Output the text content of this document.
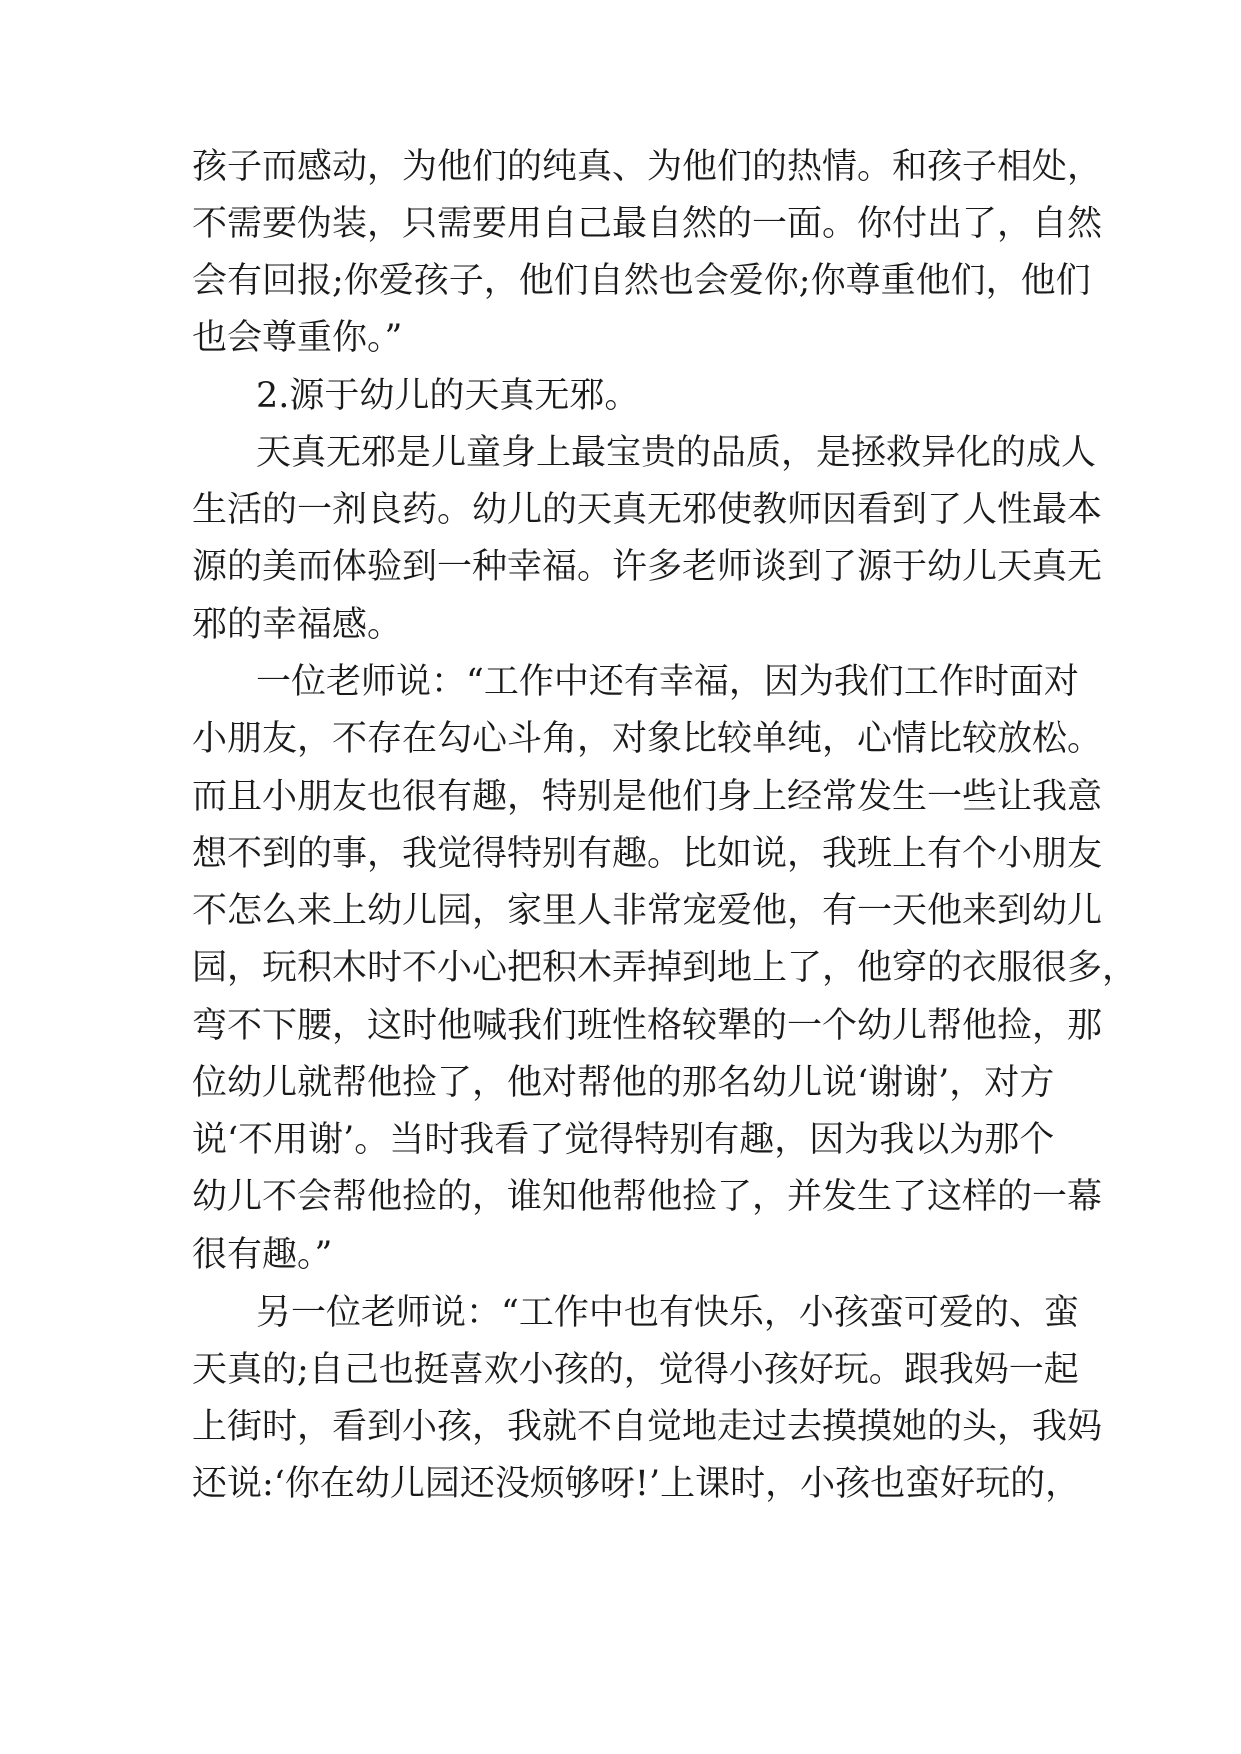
孩子而感动，为他们的纯真、为他们的热情。和孩子相处，
不需要伪装，只需要用自己最自然的一面。你付出了，自然
会有回报;你爱孩子，他们自然也会爱你;你尊重他们，他们
也会尊重你。”
2.源于幼儿的天真无邪。
天真无邪是儿童身上最宝贵的品质，是拯救异化的成人
生活的一剂良药。幼儿的天真无邪使教师因看到了人性最本
源的美而体验到一种幸福。许多老师谈到了源于幼儿天真无
邪的幸福感。
一位老师说：“工作中还有幸福，因为我们工作时面对
小朋友，不存在勾心斗角，对象比较单纯，心情比较放松。
而且小朋友也很有趣，特别是他们身上经常发生一些让我意
想不到的事，我觉得特别有趣。比如说，我班上有个小朋友
不怎么来上幼儿园，家里人非常宠爱他，有一天他来到幼儿
园，玩积木时不小心把积木弄掉到地上了，他穿的衣服很多，
弯不下腰，这时他喊我们班性格较犟的一个幼儿帮他捡，那
位幼儿就帮他捡了，他对帮他的那名幼儿说‘谢谢’，对方
说‘不用谢’。当时我看了觉得特别有趣，因为我以为那个
幼儿不会帮他捡的，谁知他帮他捡了，并发生了这样的一幕
很有趣。”
另一位老师说：“工作中也有快乐，小孩蛮可爱的、蛮
天真的;自己也挺喜欢小孩的，觉得小孩好玩。跟我妈一起
上街时，看到小孩，我就不自觉地走过去摸摸她的头，我妈
还说:‘你在幼儿园还没烦够呀!’上课时，小孩也蛮好玩的，
